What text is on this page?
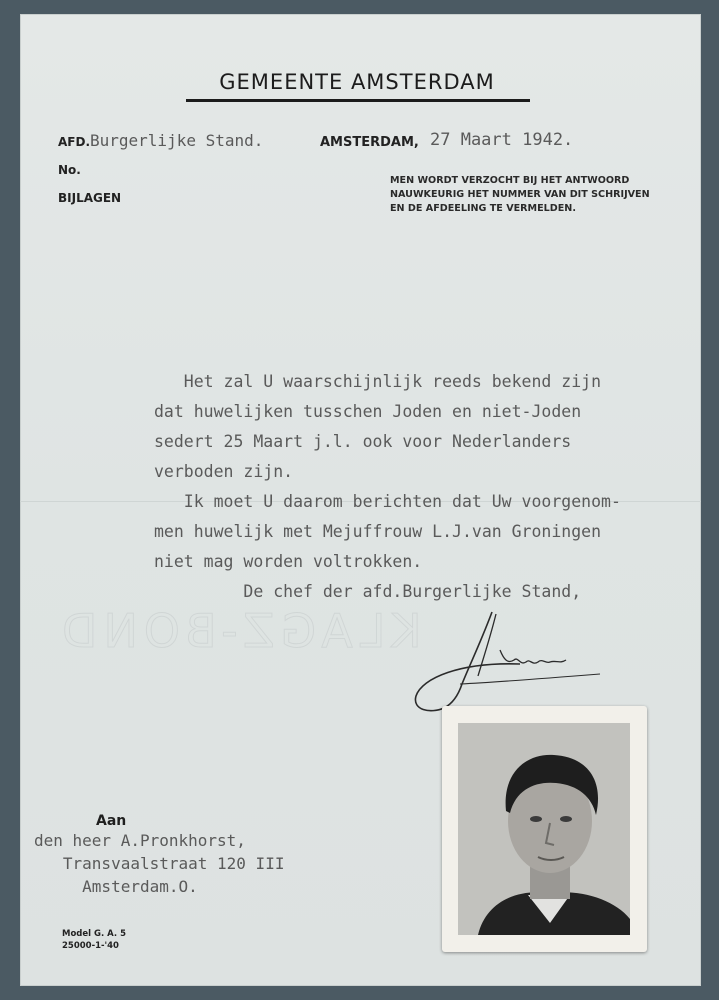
GEMEENTE AMSTERDAM
AFD. Burgerlijke Stand.	AMSTERDAM, 27 Maart 1942.
No.
BIJLAGEN
MEN WORDT VERZOCHT BIJ HET ANTWOORD
NAUWKEURIG HET NUMMER VAN DIT SCHRIJVEN
EN DE AFDEELING TE VERMELDEN.
Het zal U waarschijnlijk reeds bekend zijn
dat huwelijken tusschen Joden en niet-Joden
sedert 25 Maart j.l. ook voor Nederlanders
verboden zijn.
Ik moet U daarom berichten dat Uw voorgenom-
men huwelijk met Mejuffrouw L.J.van Groningen
niet mag worden voltrokken.
De chef der afd.Burgerlijke Stand,
KLAGZ-BOND
Aan
den heer A.Pronkhorst,
Transvaalstraat 120 III
Amsterdam.O.
Model G. A. 5
25000-1-'40
